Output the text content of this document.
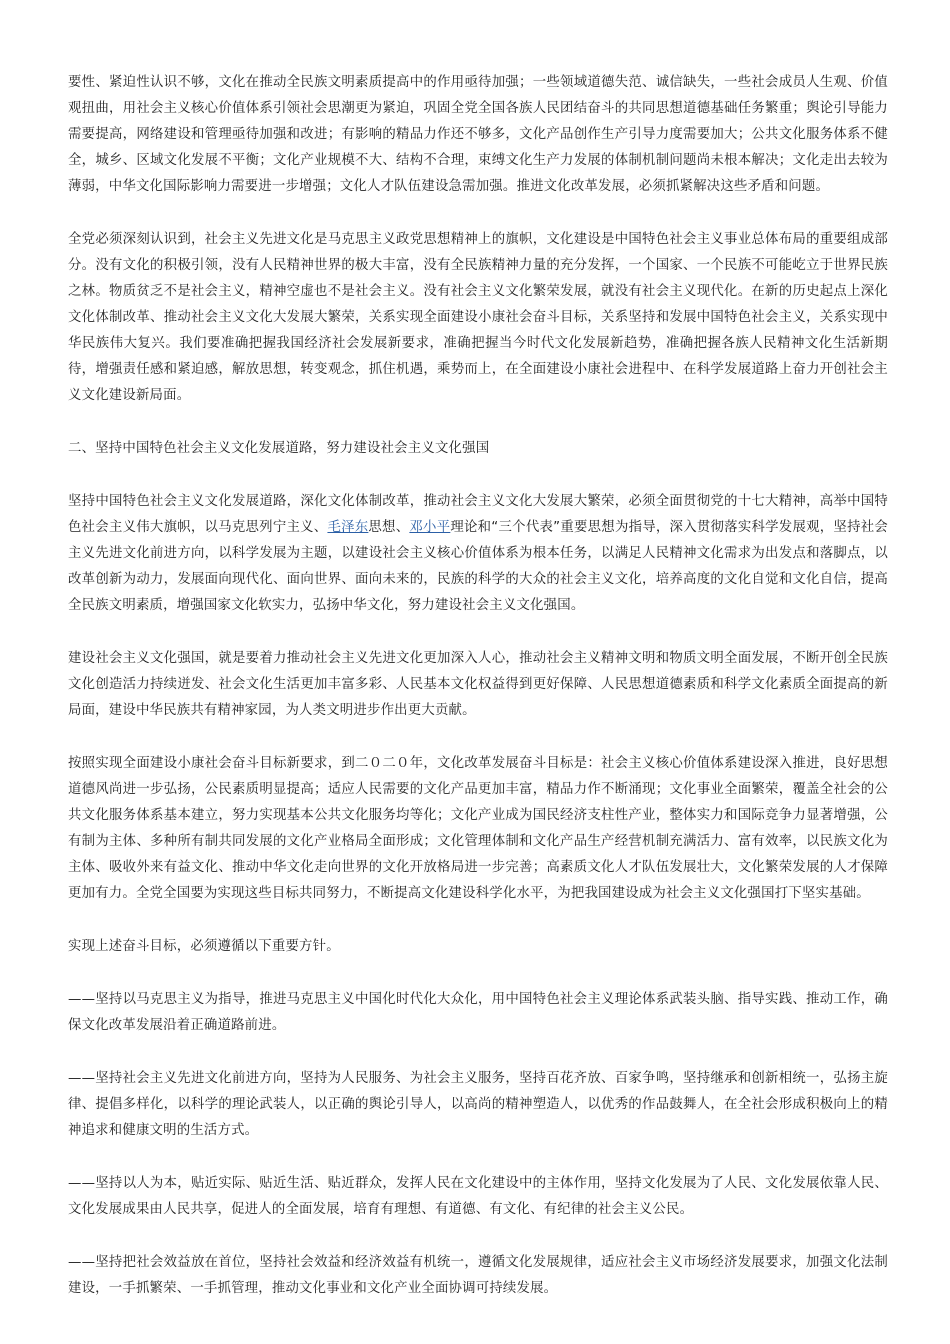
要性、紧迫性认识不够，文化在推动全民族文明素质提高中的作用亟待加强；一些领域道德失范、诚信缺失，一些社会成员人生观、价值观扭曲，用社会主义核心价值体系引领社会思潮更为紧迫，巩固全党全国各族人民团结奋斗的共同思想道德基础任务繁重；舆论引导能力需要提高，网络建设和管理亟待加强和改进；有影响的精品力作还不够多，文化产品创作生产引导力度需要加大；公共文化服务体系不健全，城乡、区域文化发展不平衡；文化产业规模不大、结构不合理，束缚文化生产力发展的体制机制问题尚未根本解决；文化走出去较为薄弱，中华文化国际影响力需要进一步增强；文化人才队伍建设急需加强。推进文化改革发展，必须抓紧解决这些矛盾和问题。

全党必须深刻认识到，社会主义先进文化是马克思主义政党思想精神上的旗帜，文化建设是中国特色社会主义事业总体布局的重要组成部分。没有文化的积极引领，没有人民精神世界的极大丰富，没有全民族精神力量的充分发挥，一个国家、一个民族不可能屹立于世界民族之林。物质贫乏不是社会主义，精神空虚也不是社会主义。没有社会主义文化繁荣发展，就没有社会主义现代化。在新的历史起点上深化文化体制改革、推动社会主义文化大发展大繁荣，关系实现全面建设小康社会奋斗目标，关系坚持和发展中国特色社会主义，关系实现中华民族伟大复兴。我们要准确把握我国经济社会发展新要求，准确把握当今时代文化发展新趋势，准确把握各族人民精神文化生活新期待，增强责任感和紧迫感，解放思想，转变观念，抓住机遇，乘势而上，在全面建设小康社会进程中、在科学发展道路上奋力开创社会主义文化建设新局面。

二、坚持中国特色社会主义文化发展道路，努力建设社会主义文化强国

坚持中国特色社会主义文化发展道路，深化文化体制改革，推动社会主义文化大发展大繁荣，必须全面贯彻党的十七大精神，高举中国特色社会主义伟大旗帜，以马克思列宁主义、毛泽东思想、邓小平理论和“三个代表”重要思想为指导，深入贯彻落实科学发展观，坚持社会主义先进文化前进方向，以科学发展为主题，以建设社会主义核心价值体系为根本任务，以满足人民精神文化需求为出发点和落脚点，以改革创新为动力，发展面向现代化、面向世界、面向未来的，民族的科学的大众的社会主义文化，培养高度的文化自觉和文化自信，提高全民族文明素质，增强国家文化软实力，弘扬中华文化，努力建设社会主义文化强国。

建设社会主义文化强国，就是要着力推动社会主义先进文化更加深入人心，推动社会主义精神文明和物质文明全面发展，不断开创全民族文化创造活力持续迸发、社会文化生活更加丰富多彩、人民基本文化权益得到更好保障、人民思想道德素质和科学文化素质全面提高的新局面，建设中华民族共有精神家园，为人类文明进步作出更大贡献。

按照实现全面建设小康社会奋斗目标新要求，到二０二０年，文化改革发展奋斗目标是：社会主义核心价值体系建设深入推进，良好思想道德风尚进一步弘扬，公民素质明显提高；适应人民需要的文化产品更加丰富，精品力作不断涌现；文化事业全面繁荣，覆盖全社会的公共文化服务体系基本建立，努力实现基本公共文化服务均等化；文化产业成为国民经济支柱性产业，整体实力和国际竞争力显著增强，公有制为主体、多种所有制共同发展的文化产业格局全面形成；文化管理体制和文化产品生产经营机制充满活力、富有效率，以民族文化为主体、吸收外来有益文化、推动中华文化走向世界的文化开放格局进一步完善；高素质文化人才队伍发展壮大，文化繁荣发展的人才保障更加有力。全党全国要为实现这些目标共同努力，不断提高文化建设科学化水平，为把我国建设成为社会主义文化强国打下坚实基础。

实现上述奋斗目标，必须遵循以下重要方针。

——坚持以马克思主义为指导，推进马克思主义中国化时代化大众化，用中国特色社会主义理论体系武装头脑、指导实践、推动工作，确保文化改革发展沿着正确道路前进。

——坚持社会主义先进文化前进方向，坚持为人民服务、为社会主义服务，坚持百花齐放、百家争鸣，坚持继承和创新相统一，弘扬主旋律、提倡多样化，以科学的理论武装人，以正确的舆论引导人，以高尚的精神塑造人，以优秀的作品鼓舞人，在全社会形成积极向上的精神追求和健康文明的生活方式。

——坚持以人为本，贴近实际、贴近生活、贴近群众，发挥人民在文化建设中的主体作用，坚持文化发展为了人民、文化发展依靠人民、文化发展成果由人民共享，促进人的全面发展，培育有理想、有道德、有文化、有纪律的社会主义公民。

——坚持把社会效益放在首位，坚持社会效益和经济效益有机统一，遵循文化发展规律，适应社会主义市场经济发展要求，加强文化法制建设，一手抓繁荣、一手抓管理，推动文化事业和文化产业全面协调可持续发展。
